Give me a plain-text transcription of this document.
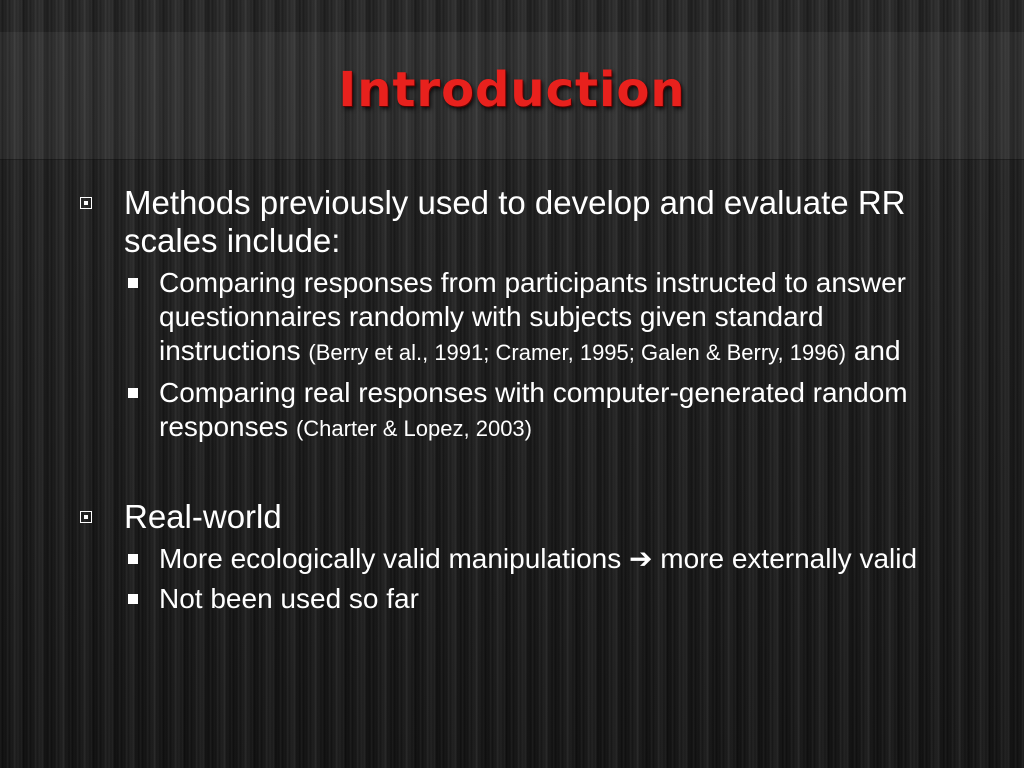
Introduction
Methods previously used to develop and evaluate RR scales include:
Comparing responses from participants instructed to answer questionnaires randomly with subjects given standard instructions (Berry et al., 1991; Cramer, 1995; Galen & Berry, 1996) and
Comparing real responses with computer-generated random responses (Charter & Lopez, 2003)
Real-world
More ecologically valid manipulations ➔ more externally valid
Not been used so far
